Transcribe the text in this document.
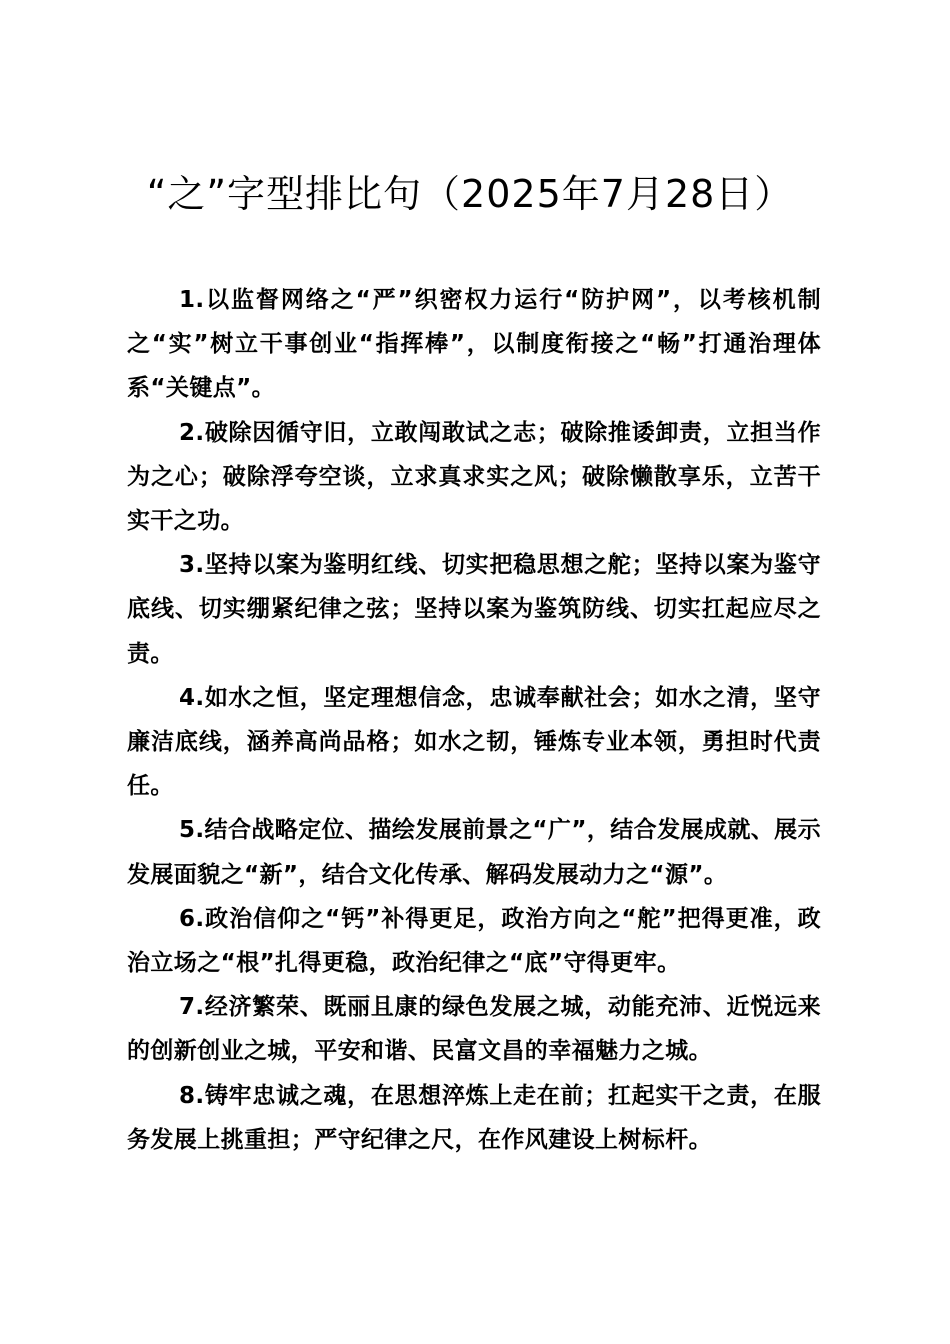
“之”字型排比句（2025年7月28日）

1.以监督网络之“严”织密权力运行“防护网”，以考核机制之“实”树立干事创业“指挥棒”，以制度衔接之“畅”打通治理体系“关键点”。

2.破除因循守旧，立敢闯敢试之志；破除推诿卸责，立担当作为之心；破除浮夸空谈，立求真求实之风；破除懒散享乐，立苦干实干之功。

3.坚持以案为鉴明红线、切实把稳思想之舵；坚持以案为鉴守底线、切实绷紧纪律之弦；坚持以案为鉴筑防线、切实扛起应尽之责。

4.如水之恒，坚定理想信念，忠诚奉献社会；如水之清，坚守廉洁底线，涵养高尚品格；如水之韧，锤炼专业本领，勇担时代责任。

5.结合战略定位、描绘发展前景之“广”，结合发展成就、展示发展面貌之“新”，结合文化传承、解码发展动力之“源”。

6.政治信仰之“钙”补得更足，政治方向之“舵”把得更准，政治立场之“根”扎得更稳，政治纪律之“底”守得更牢。

7.经济繁荣、既丽且康的绿色发展之城，动能充沛、近悦远来的创新创业之城，平安和谐、民富文昌的幸福魅力之城。

8.铸牢忠诚之魂，在思想淬炼上走在前；扛起实干之责，在服务发展上挑重担；严守纪律之尺，在作风建设上树标杆。
